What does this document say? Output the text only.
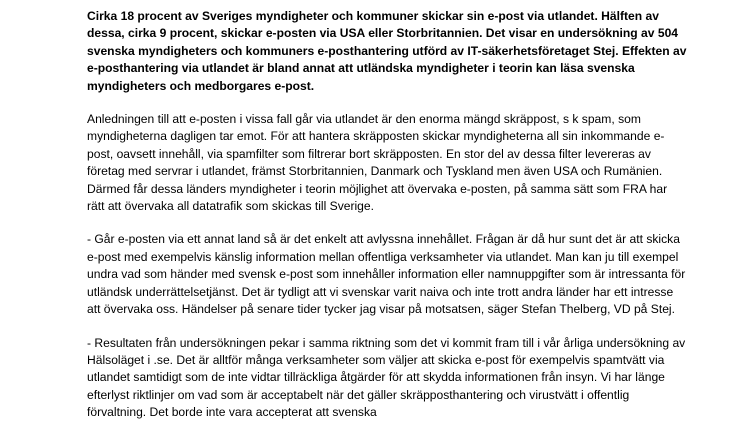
Cirka 18 procent av Sveriges myndigheter och kommuner skickar sin e-post via utlandet. Hälften av dessa, cirka 9 procent, skickar e-posten via USA eller Storbritannien. Det visar en undersökning av 504 svenska myndigheters och kommuners e-posthantering utförd av IT-säkerhetsföretaget Stej. Effekten av e-posthantering via utlandet är bland annat att utländska myndigheter i teorin kan läsa svenska myndigheters och medborgares e-post.

Anledningen till att e-posten i vissa fall går via utlandet är den enorma mängd skräppost, s k spam, som myndigheterna dagligen tar emot. För att hantera skräpposten skickar myndigheterna all sin inkommande e-post, oavsett innehåll, via spamfilter som filtrerar bort skräpposten. En stor del av dessa filter levereras av företag med servrar i utlandet, främst Storbritannien, Danmark och Tyskland men även USA och Rumänien. Därmed får dessa länders myndigheter i teorin möjlighet att övervaka e-posten, på samma sätt som FRA har rätt att övervaka all datatrafik som skickas till Sverige.

- Går e-posten via ett annat land så är det enkelt att avlyssna innehållet. Frågan är då hur sunt det är att skicka e-post med exempelvis känslig information mellan offentliga verksamheter via utlandet. Man kan ju till exempel undra vad som händer med svensk e-post som innehåller information eller namnuppgifter som är intressanta för utländsk underrättelsetjänst. Det är tydligt att vi svenskar varit naiva och inte trott andra länder har ett intresse att övervaka oss. Händelser på senare tider tycker jag visar på motsatsen, säger Stefan Thelberg, VD på Stej.

- Resultaten från undersökningen pekar i samma riktning som det vi kommit fram till i vår årliga undersökning av Hälsoläget i .se. Det är alltför många verksamheter som väljer att skicka e-post för exempelvis spamtvätt via utlandet samtidigt som de inte vidtar tillräckliga åtgärder för att skydda informationen från insyn. Vi har länge efterlyst riktlinjer om vad som är acceptabelt när det gäller skräpposthantering och virustvätt i offentlig förvaltning. Det borde inte vara accepterat att svenska
